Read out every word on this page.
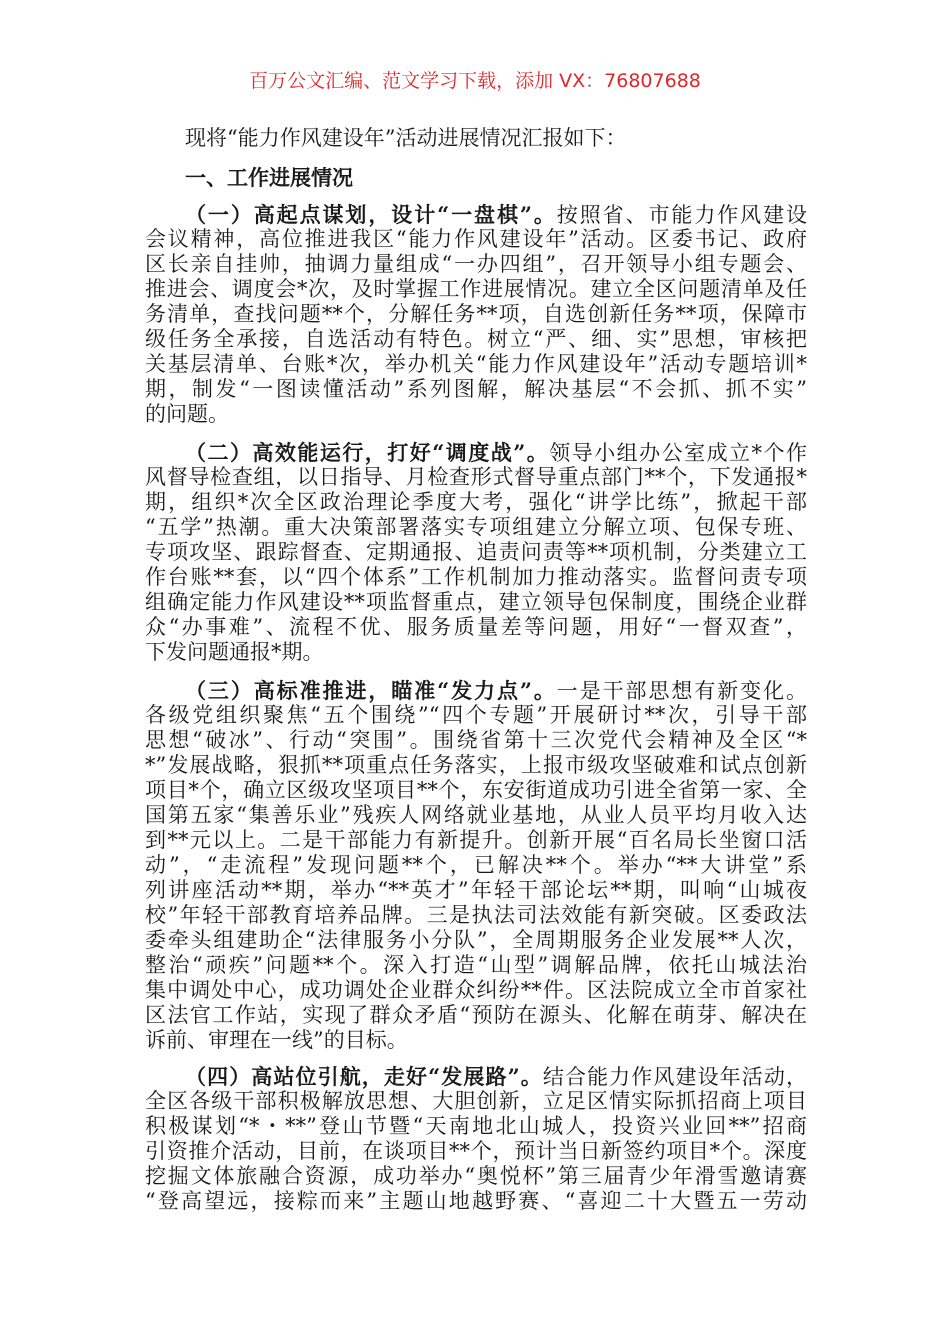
百万公文汇编、范文学习下载，添加 VX：76807688
现将“能力作风建设年”活动进展情况汇报如下：
一、工作进展情况
（一）高起点谋划，设计“一盘棋”。按照省、市能力作风建设
会议精神，高位推进我区“能力作风建设年”活动。区委书记、政府
区长亲自挂帅，抽调力量组成“一办四组”，召开领导小组专题会、
推进会、调度会*次，及时掌握工作进展情况。建立全区问题清单及任
务清单，查找问题**个，分解任务**项，自选创新任务**项，保障市
级任务全承接，自选活动有特色。树立“严、细、实”思想，审核把
关基层清单、台账*次，举办机关“能力作风建设年”活动专题培训*
期，制发“一图读懂活动”系列图解，解决基层“不会抓、抓不实”
的问题。
（二）高效能运行，打好“调度战”。领导小组办公室成立*个作
风督导检查组，以日指导、月检查形式督导重点部门**个，下发通报*
期，组织*次全区政治理论季度大考，强化“讲学比练”，掀起干部
“五学”热潮。重大决策部署落实专项组建立分解立项、包保专班、
专项攻坚、跟踪督查、定期通报、追责问责等**项机制，分类建立工
作台账**套，以“四个体系”工作机制加力推动落实。监督问责专项
组确定能力作风建设**项监督重点，建立领导包保制度，围绕企业群
众“办事难”、流程不优、服务质量差等问题，用好“一督双查”，
下发问题通报*期。
（三）高标准推进，瞄准“发力点”。一是干部思想有新变化。
各级党组织聚焦“五个围绕”“四个专题”开展研讨**次，引导干部
思想“破冰”、行动“突围”。围绕省第十三次党代会精神及全区“*
*”发展战略，狠抓**项重点任务落实，上报市级攻坚破难和试点创新
项目*个，确立区级攻坚项目**个，东安街道成功引进全省第一家、全
国第五家“集善乐业”残疾人网络就业基地，从业人员平均月收入达
到**元以上。二是干部能力有新提升。创新开展“百名局长坐窗口活
动”，“走流程”发现问题**个，已解决**个。举办“**大讲堂”系
列讲座活动**期，举办“**英才”年轻干部论坛**期，叫响“山城夜
校”年轻干部教育培养品牌。三是执法司法效能有新突破。区委政法
委牵头组建助企“法律服务小分队”，全周期服务企业发展**人次，
整治“顽疾”问题**个。深入打造“山型”调解品牌，依托山城法治
集中调处中心，成功调处企业群众纠纷**件。区法院成立全市首家社
区法官工作站，实现了群众矛盾“预防在源头、化解在萌芽、解决在
诉前、审理在一线”的目标。
（四）高站位引航，走好“发展路”。结合能力作风建设年活动，
全区各级干部积极解放思想、大胆创新，立足区情实际抓招商上项目
积极谋划“*・**”登山节暨“天南地北山城人，投资兴业回**”招商
引资推介活动，目前，在谈项目**个，预计当日新签约项目*个。深度
挖掘文体旅融合资源，成功举办“奥悦杯”第三届青少年滑雪邀请赛
“登高望远，接粽而来”主题山地越野赛、“喜迎二十大暨五一劳动
